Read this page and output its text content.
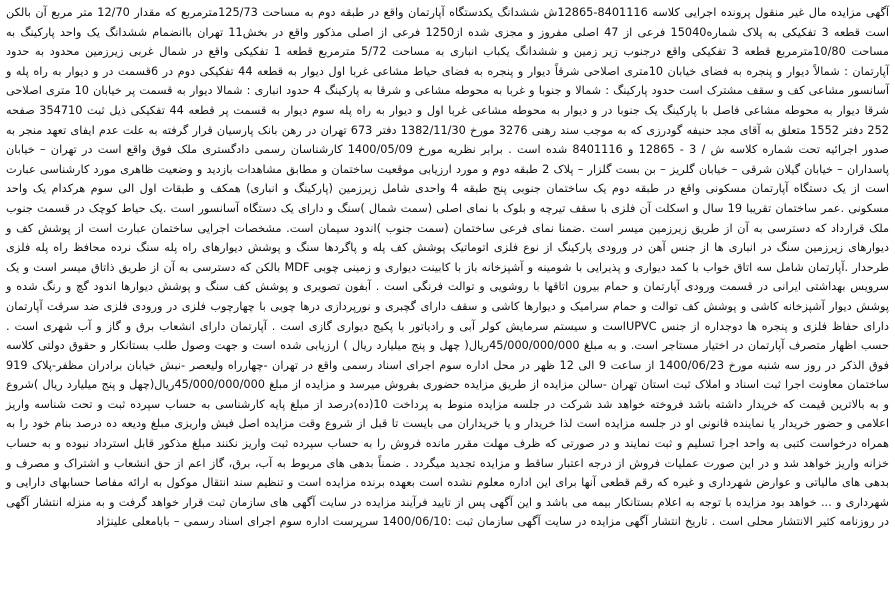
آگهی مزایده مال غیر منقول پرونده اجرایی کلاسه 8401116-12865ش ششدانگ یکدستگاه آپارتمان واقع در طبقه دوم به مساحت 125/73مترمربع که مقدار 12/70 متر مربع آن بالکن است قطعه 3 تفکیکی به پلاک شماره15040 فرعی از 47 اصلی مفروز و مجزی شده از1250 فرعی از اصلی مذکور واقع در بخش11 تهران باانضمام ششدانگ یک واحد پارکینگ به مساحت 10/80مترمربع قطعه 3 تفکیکی واقع درجنوب زیر زمین و ششدانگ یکباب انباری به مساحت 5/72 مترمربع قطعه 1 تفکیکی واقع در شمال غربی زیرزمین محدود به حدود آپارتمان : شمالاً دیوار و پنجره به فضای خیابان 10متری اصلاحی شرقاً دیوار و پنجره به فضای حیاط مشاعی غربا اول دیوار به قطعه 44 تفکیکی دوم در 6قسمت در و دیوار به راه پله و آسانسور مشاعی کف و سقف مشترک است حدود پارکینگ : شمالا و جنوبا و غربا به محوطه مشاعی و شرقا به پارکینگ 4 حدود انباری : شمالا دیوار به قسمت پر خیابان 10 متری اصلاحی شرقا دیوار به محوطه مشاعی فاصل با پارکینگ یک جنوبا در و دیوار به محوطه مشاعی غربا اول و دیوار به راه پله سوم دیوار به قسمت پر قطعه 44 تفکیکی ذیل ثبت 354710 صفحه 252 دفتر 1552 متعلق به آقای مجد حنیفه گودرزی که به موجب سند رهنی 3276 مورخ 1382/11/30 دفتر 673 تهران در رهن بانک پارسیان قرار گرفته به علت عدم ایفای تعهد منجر به صدور اجرائیه تحت شماره کلاسه ش / 3 - 12865 و 8401116 شده است . برابر نظریه مورخ 1400/05/09 کارشناسان رسمی دادگستری ملک فوق واقع است در تهران – خیابان پاسداران – خیابان گیلان شرقی – خیابان گلریز – بن بست گلزار – پلاک 2 طبقه دوم و مورد ارزیابی موقعیت ساختمان و مطابق مشاهدات بازدید و وضعیت ظاهری مورد کارشناسی عبارت است از یک دستگاه آپارتمان مسکونی واقع در طبقه دوم یک ساختمان جنوبی پنج طبقه 4 واحدی شامل زیرزمین (پارکینگ و انباری) همکف و طبقات اول الی سوم هرکدام یک واحد مسکونی .عمر ساختمان تقریبا 19 سال و اسکلت آن فلزی با سقف تیرچه و بلوک با نمای اصلی (سمت شمال )سنگ و دارای یک دستگاه آسانسور است .یک حیاط کوچک در قسمت جنوب ملک قرارداد که دسترسی به آن از طریق زیرزمین میسر است .ضمنا نمای فرعی ساختمان (سمت جنوب )اندود سیمان است. مشخصات اجرایی ساختمان عبارت است از پوشش کف و دیوارهای زیرزمین سنگ در انباری ها از جنس آهن در ورودی پارکینگ از نوع فلزی اتوماتیک پوشش کف پله و پاگردها سنگ و پوشش دیوارهای راه پله سنگ نرده محافظ راه پله فلزی طرحدار .آپارتمان شامل سه اتاق خواب با کمد دیواری و پذیرایی با شومینه و آشپزخانه باز با کابینت دیواری و زمینی چوبی MDF بالکن که دسترسی به آن از طریق ذاتاق میسر است و یک سرویس بهداشتی ایرانی در قسمت ورودی آپارتمان و حمام بیرون اتاقها با روشویی و توالت فرنگی است . آبفون تصویری و پوشش کف سنگ و پوشش دیوارها اندود گچ و رنگ شده و پوشش دیوار آشپزخانه کاشی و پوشش کف توالت و حمام سرامیک و دیوارها کاشی و سقف دارای گچبری و نورپردازی درها چوبی با چهارچوب فلزی در ورودی فلزی ضد سرقت آپارتمان دارای حفاظ فلزی و پنجره ها دوجداره از جنس UPVCاست و سیستم سرمایش کولر آبی و رادیاتور با پکیج دیواری گازی است . آپارتمان دارای انشعاب برق و گاز و آب شهری است . حسب اظهار متصرف آپارتمان در اختیار مستاجر است. و به مبلغ 45/000/000/000ریال( چهل و پنج میلیارد ریال ) ارزیابی شده است و جهت وصول طلب بستانکار و حقوق دولتی کلاسه فوق الذکر در روز سه شنبه مورخ 1400/06/23 از ساعت 9 الی 12 ظهر در محل اداره سوم اجرای اسناد رسمی واقع در تهران -چهارراه ولیعصر -نبش خیابان برادران مظفر-پلاک 919 ساختمان معاونت اجرا ثبت اسناد و املاک ثبت استان تهران -سالن مزایده از طریق مزایده حضوری بفروش میرسد و مزایده از مبلغ 45/000/000/000ریال(چهل و پنج میلیارد ریال )شروع و به بالاترین قیمت که خریدار داشته باشد فروخته خواهد شد شرکت در جلسه مزایده منوط به پرداخت 10(ده)درصد از مبلغ پایه کارشناسی به حساب سپرده ثبت و تحت شناسه واریز اعلامی و حضور خریدار یا نماینده قانونی او در جلسه مزایده است لذا خریدار و یا خریداران می بایست تا قبل از شروع وقت مزایده اصل فیش واریزی مبلغ ودیعه ده درصد بنام خود را به همراه درخواست کتبی به واحد اجرا تسلیم و ثبت نمایند و در صورتی که ظرف مهلت مقرر مانده فروش را به حساب سپرده ثبت واریز نکنند مبلغ مذکور قابل استرداد نبوده و به حساب خزانه واریز خواهد شد و در این صورت عملیات فروش از درجه اعتبار ساقط و مزایده تجدید میگردد . ضمناً بدهی های مربوط به آب، برق، گاز اعم از حق انشعاب و اشتراک و مصرف و بدهی های مالیاتی و عوارض شهرداری و غیره که رقم قطعی آنها برای این اداره معلوم نشده است بعهده برنده مزایده است و تنظیم سند انتقال موکول به ارائه مفاصا حسابهای دارایی و شهرداری و ... خواهد بود مزایده با توجه به اعلام بستانکار بیمه می باشد و این آگهی پس از تایید فرآیند مزایده در سایت آگهی های سازمان ثبت قرار خواهد گرفت و به منزله انتشار آگهی در روزنامه کثیر الانتشار محلی است . تاریخ انتشار آگهی مزایده در سایت آگهی سازمان ثبت :1400/06/10 سرپرست اداره سوم اجرای اسناد رسمی – بابامعلی علینژاد
